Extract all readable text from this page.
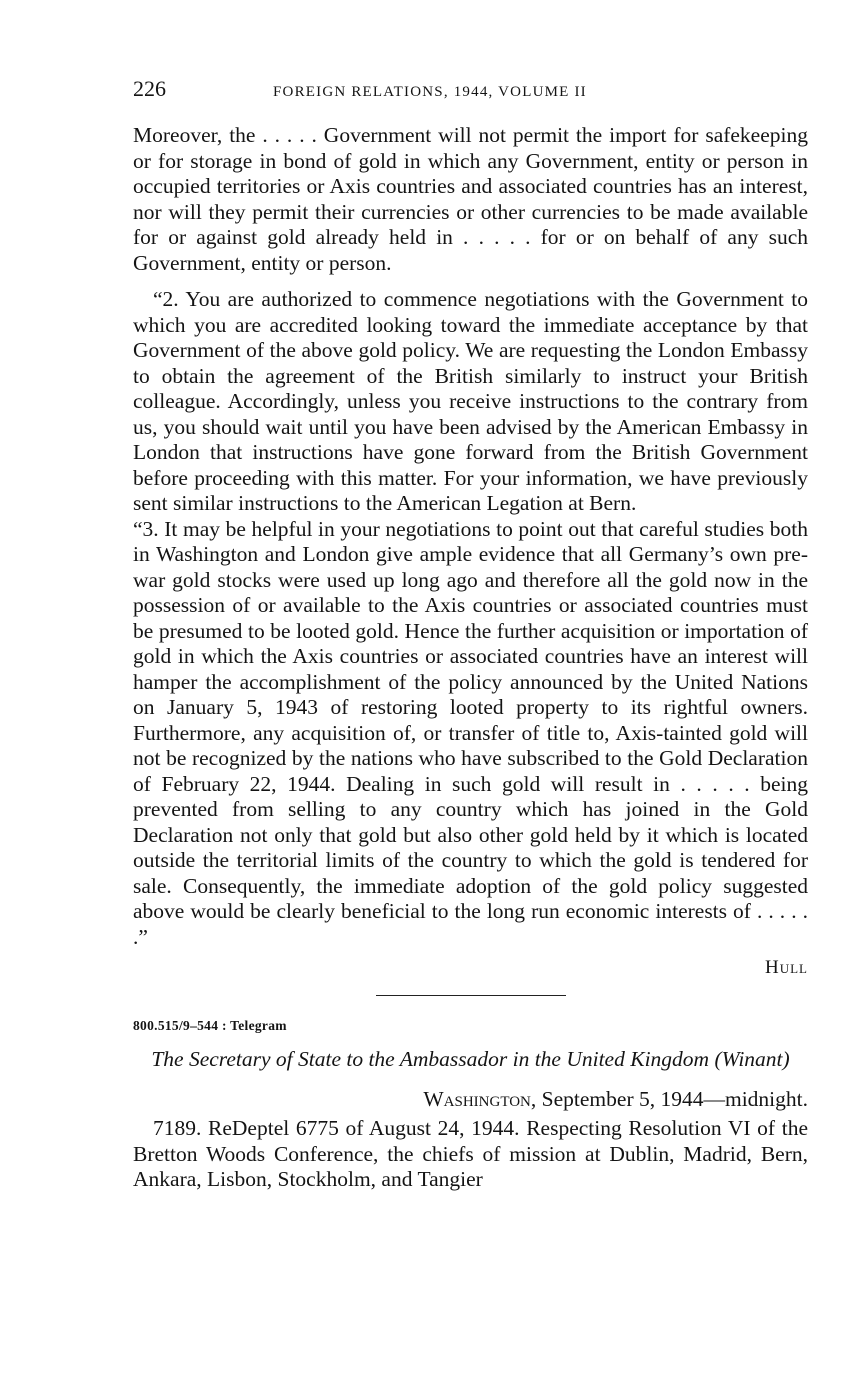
226	FOREIGN RELATIONS, 1944, VOLUME II

Moreover, the . . . . . Government will not permit the import for safekeeping or for storage in bond of gold in which any Government, entity or person in occupied territories or Axis countries and associated countries has an interest, nor will they permit their currencies or other currencies to be made available for or against gold already held in . . . . . for or on behalf of any such Government, entity or person.

“2. You are authorized to commence negotiations with the Government to which you are accredited looking toward the immediate acceptance by that Government of the above gold policy. We are requesting the London Embassy to obtain the agreement of the British similarly to instruct your British colleague. Accordingly, unless you receive instructions to the contrary from us, you should wait until you have been advised by the American Embassy in London that instructions have gone forward from the British Government before proceeding with this matter. For your information, we have previously sent similar instructions to the American Legation at Bern.

“3. It may be helpful in your negotiations to point out that careful studies both in Washington and London give ample evidence that all Germany’s own pre-war gold stocks were used up long ago and therefore all the gold now in the possession of or available to the Axis countries or associated countries must be presumed to be looted gold. Hence the further acquisition or importation of gold in which the Axis countries or associated countries have an interest will hamper the accomplishment of the policy announced by the United Nations on January 5, 1943 of restoring looted property to its rightful owners. Furthermore, any acquisition of, or transfer of title to, Axis-tainted gold will not be recognized by the nations who have subscribed to the Gold Declaration of February 22, 1944. Dealing in such gold will result in . . . . . being prevented from selling to any country which has joined in the Gold Declaration not only that gold but also other gold held by it which is located outside the territorial limits of the country to which the gold is tendered for sale. Consequently, the immediate adoption of the gold policy suggested above would be clearly beneficial to the long run economic interests of . . . . . .”

Hull
800.515/9–544 : Telegram
The Secretary of State to the Ambassador in the United Kingdom (Winant)
Washington, September 5, 1944—midnight.

7189. ReDeptel 6775 of August 24, 1944. Respecting Resolution VI of the Bretton Woods Conference, the chiefs of mission at Dublin, Madrid, Bern, Ankara, Lisbon, Stockholm, and Tangier
